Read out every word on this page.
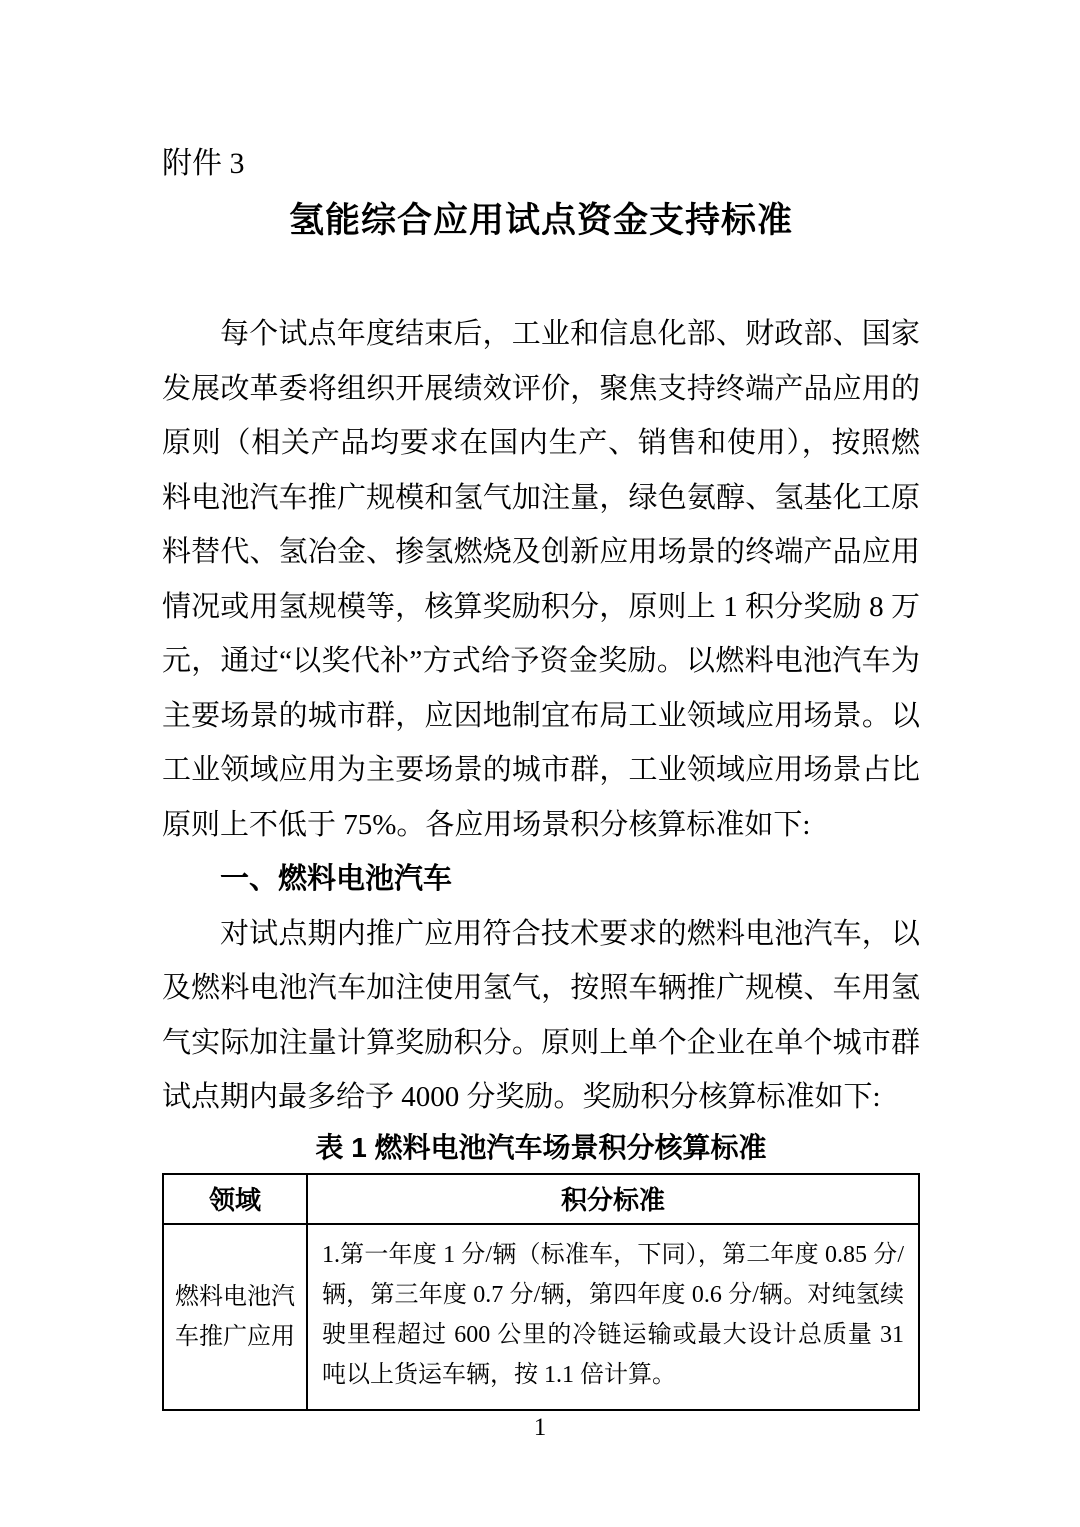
附件 3
氢能综合应用试点资金支持标准

每个试点年度结束后，工业和信息化部、财政部、国家发展改革委将组织开展绩效评价，聚焦支持终端产品应用的原则（相关产品均要求在国内生产、销售和使用），按照燃料电池汽车推广规模和氢气加注量，绿色氨醇、氢基化工原料替代、氢冶金、掺氢燃烧及创新应用场景的终端产品应用情况或用氢规模等，核算奖励积分，原则上 1 积分奖励 8 万元，通过“以奖代补”方式给予资金奖励。以燃料电池汽车为主要场景的城市群，应因地制宜布局工业领域应用场景。以工业领域应用为主要场景的城市群，工业领域应用场景占比原则上不低于 75%。各应用场景积分核算标准如下:

一、燃料电池汽车

对试点期内推广应用符合技术要求的燃料电池汽车，以及燃料电池汽车加注使用氢气，按照车辆推广规模、车用氢气实际加注量计算奖励积分。原则上单个企业在单个城市群试点期内最多给予 4000 分奖励。奖励积分核算标准如下:

表 1 燃料电池汽车场景积分核算标准
领域	积分标准
燃料电池汽车推广应用	1.第一年度 1 分/辆（标准车，下同），第二年度 0.85 分/辆，第三年度 0.7 分/辆，第四年度 0.6 分/辆。对纯氢续驶里程超过 600 公里的冷链运输或最大设计总质量 31 吨以上货运车辆，按 1.1 倍计算。
1
